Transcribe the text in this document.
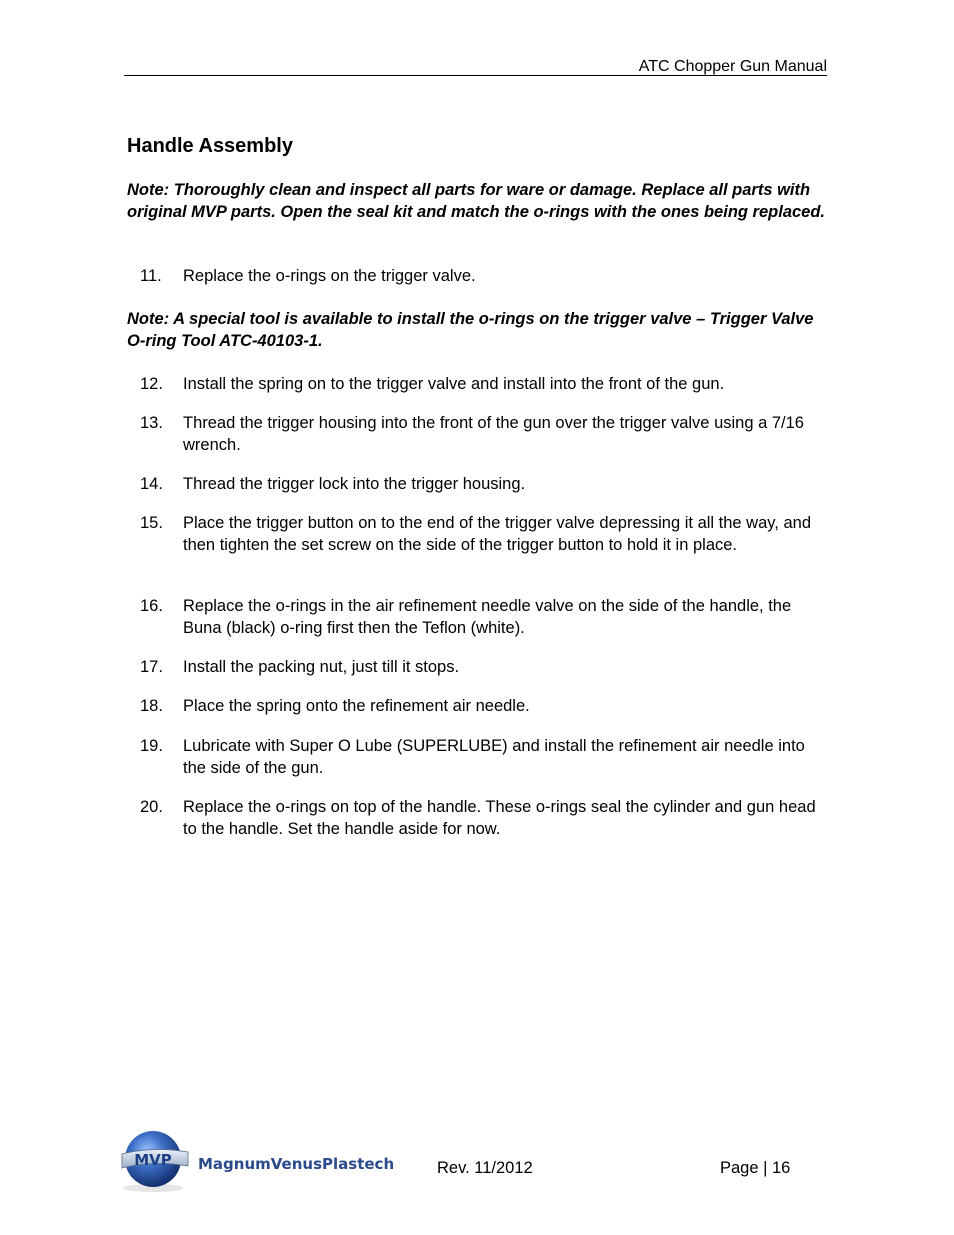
ATC Chopper Gun Manual
Handle Assembly
Note: Thoroughly clean and inspect all parts for ware or damage. Replace all parts with original MVP parts. Open the seal kit and match the o-rings with the ones being replaced.
11.	Replace the o-rings on the trigger valve.
Note: A special tool is available to install the o-rings on the trigger valve – Trigger Valve O-ring Tool ATC-40103-1.
12.	Install the spring on to the trigger valve and install into the front of the gun.
13.	Thread the trigger housing into the front of the gun over the trigger valve using a 7/16 wrench.
14.	Thread the trigger lock into the trigger housing.
15.	Place the trigger button on to the end of the trigger valve depressing it all the way, and then tighten the set screw on the side of the trigger button to hold it in place.
16.	Replace the o-rings in the air refinement needle valve on the side of the handle, the Buna (black) o-ring first then the Teflon (white).
17.	Install the packing nut, just till it stops.
18.	Place the spring onto the refinement air needle.
19.	Lubricate with Super O Lube (SUPERLUBE) and install the refinement air needle into the side of the gun.
20.	Replace the o-rings on top of the handle. These o-rings seal the cylinder and gun head to the handle. Set the handle aside for now.
MVP MagnumVenusPlastech	Rev. 11/2012	Page | 16
